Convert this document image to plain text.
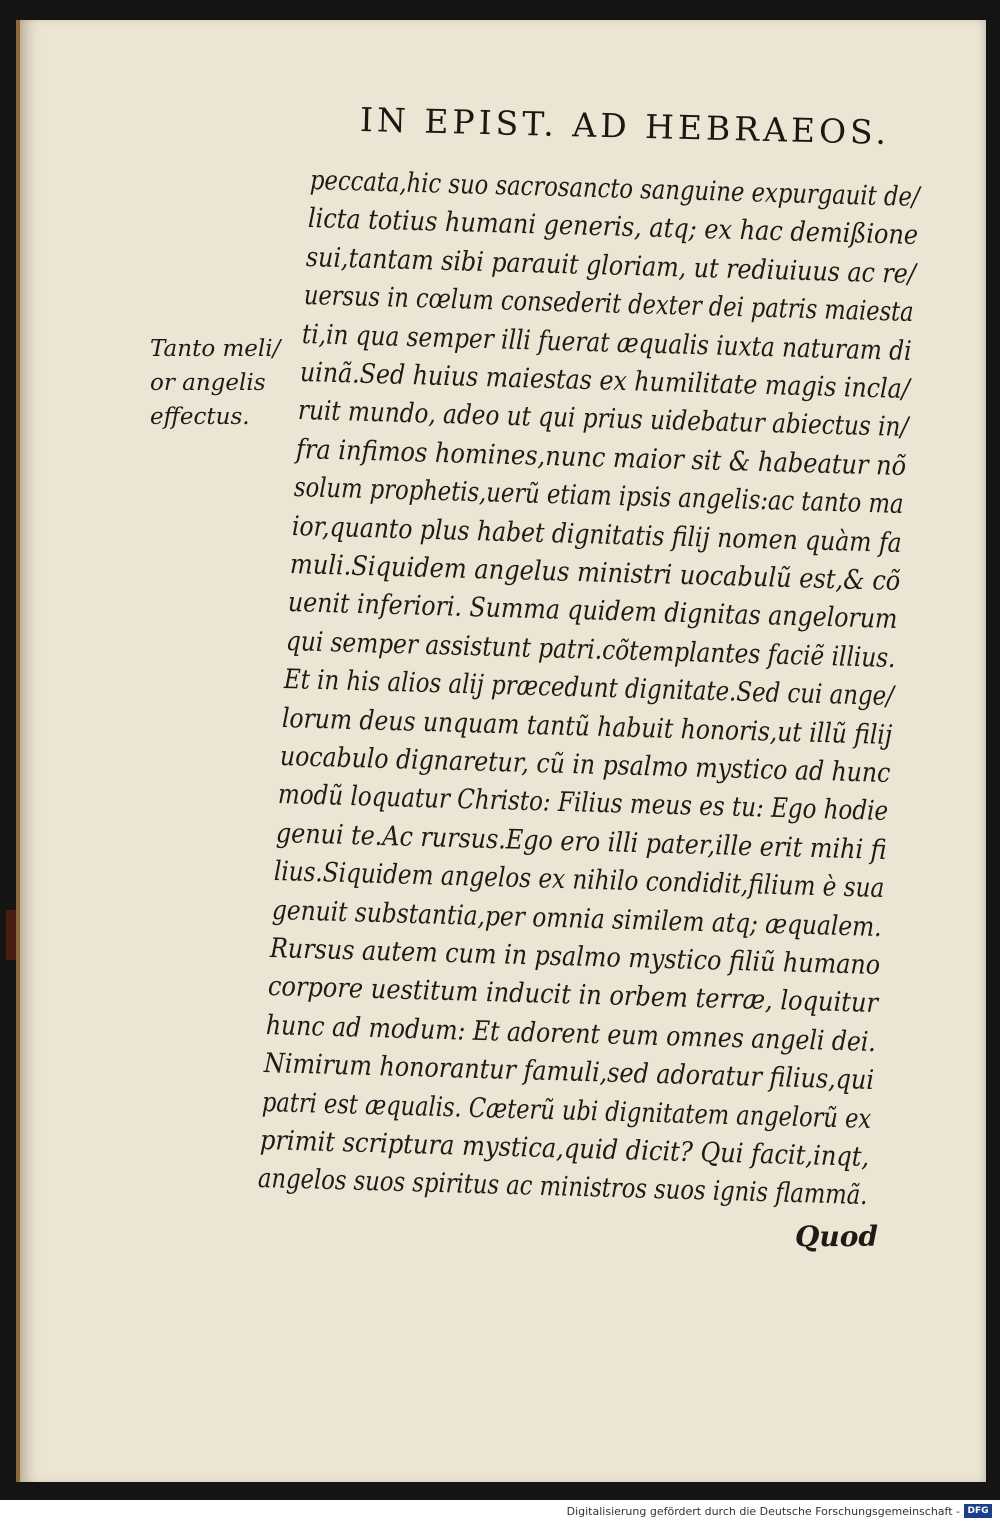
IN EPIST. AD HEBRAEOS.
Tanto meli/
or angelis
effectus.
peccata,hic suo sacrosancto sanguine expurgauit de/
licta totius humani generis, atq; ex hac demißione
sui,tantam sibi parauit gloriam, ut rediuiuus ac re/
uersus in cœlum consederit dexter dei patris maiesta
ti,in qua semper illi fuerat æqualis iuxta naturam di
uinã.Sed huius maiestas ex humilitate magis incla/
ruit mundo, adeo ut qui prius uidebatur abiectus in/
fra infimos homines,nunc maior sit & habeatur nõ
solum prophetis,uerũ etiam ipsis angelis:ac tanto ma
ior,quanto plus habet dignitatis filij nomen quàm fa
muli.Siquidem angelus ministri uocabulũ est,& cõ
uenit inferiori. Summa quidem dignitas angelorum
qui semper assistunt patri.cõtemplantes faciẽ illius.
Et in his alios alij præcedunt dignitate.Sed cui ange/
lorum deus unquam tantũ habuit honoris,ut illũ filij
uocabulo dignaretur, cũ in psalmo mystico ad hunc
modũ loquatur Christo: Filius meus es tu: Ego hodie
genui te.Ac rursus.Ego ero illi pater,ille erit mihi fi
lius.Siquidem angelos ex nihilo condidit,filium è sua
genuit substantia,per omnia similem atq; æqualem.
Rursus autem cum in psalmo mystico filiũ humano
corpore uestitum inducit in orbem terræ, loquitur
hunc ad modum: Et adorent eum omnes angeli dei.
Nimirum honorantur famuli,sed adoratur filius,qui
patri est æqualis. Cæterũ ubi dignitatem angelorũ ex
primit scriptura mystica,quid dicit? Qui facit,inqt,
angelos suos spiritus ac ministros suos ignis flammã.
Quod
Digitalisierung gefördert durch die Deutsche Forschungsgemeinschaft - DFG
